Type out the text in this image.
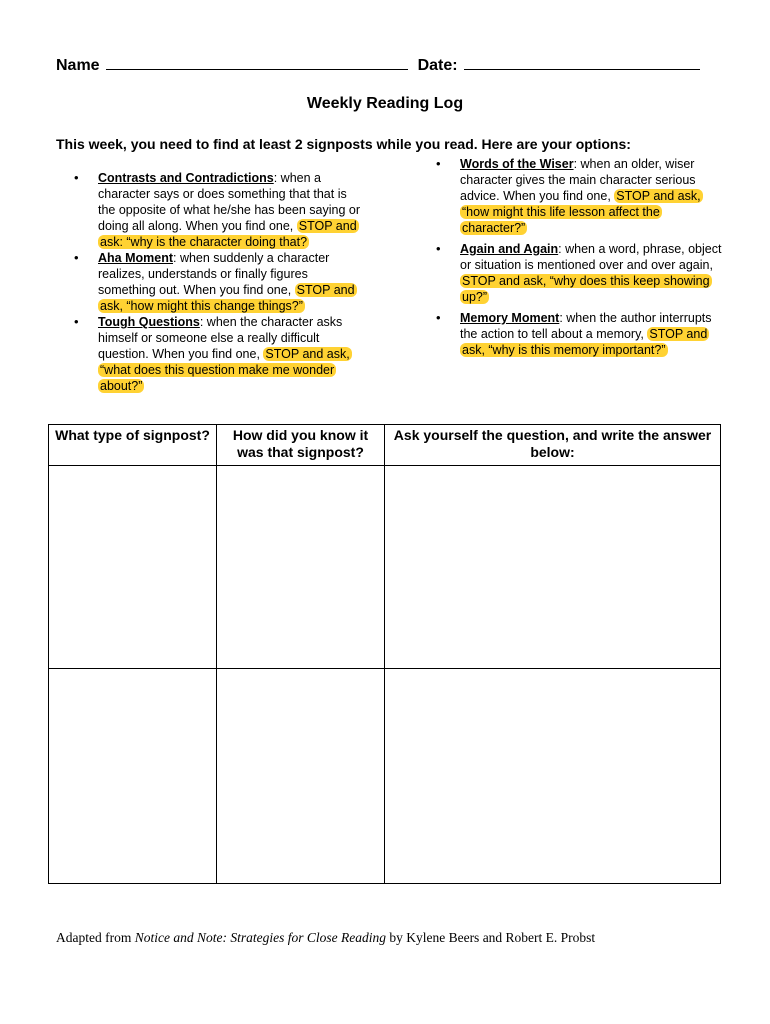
Name	Date:
Weekly Reading Log
This week, you need to find at least 2 signposts while you read. Here are your options:
• Contrasts and Contradictions: when a character says or does something that that is the opposite of what he/she has been saying or doing all along. When you find one, STOP and ask: “why is the character doing that?
• Aha Moment: when suddenly a character realizes, understands or finally figures something out. When you find one, STOP and ask, “how might this change things?”
• Tough Questions: when the character asks himself or someone else a really difficult question. When you find one, STOP and ask, “what does this question make me wonder about?”
• Words of the Wiser: when an older, wiser character gives the main character serious advice. When you find one, STOP and ask, “how might this life lesson affect the character?”
• Again and Again: when a word, phrase, object or situation is mentioned over and over again, STOP and ask, “why does this keep showing up?”
• Memory Moment: when the author interrupts the action to tell about a memory, STOP and ask, “why is this memory important?”
What type of signpost?	How did you know it was that signpost?	Ask yourself the question, and write the answer below:

Adapted from Notice and Note: Strategies for Close Reading by Kylene Beers and Robert E. Probst
